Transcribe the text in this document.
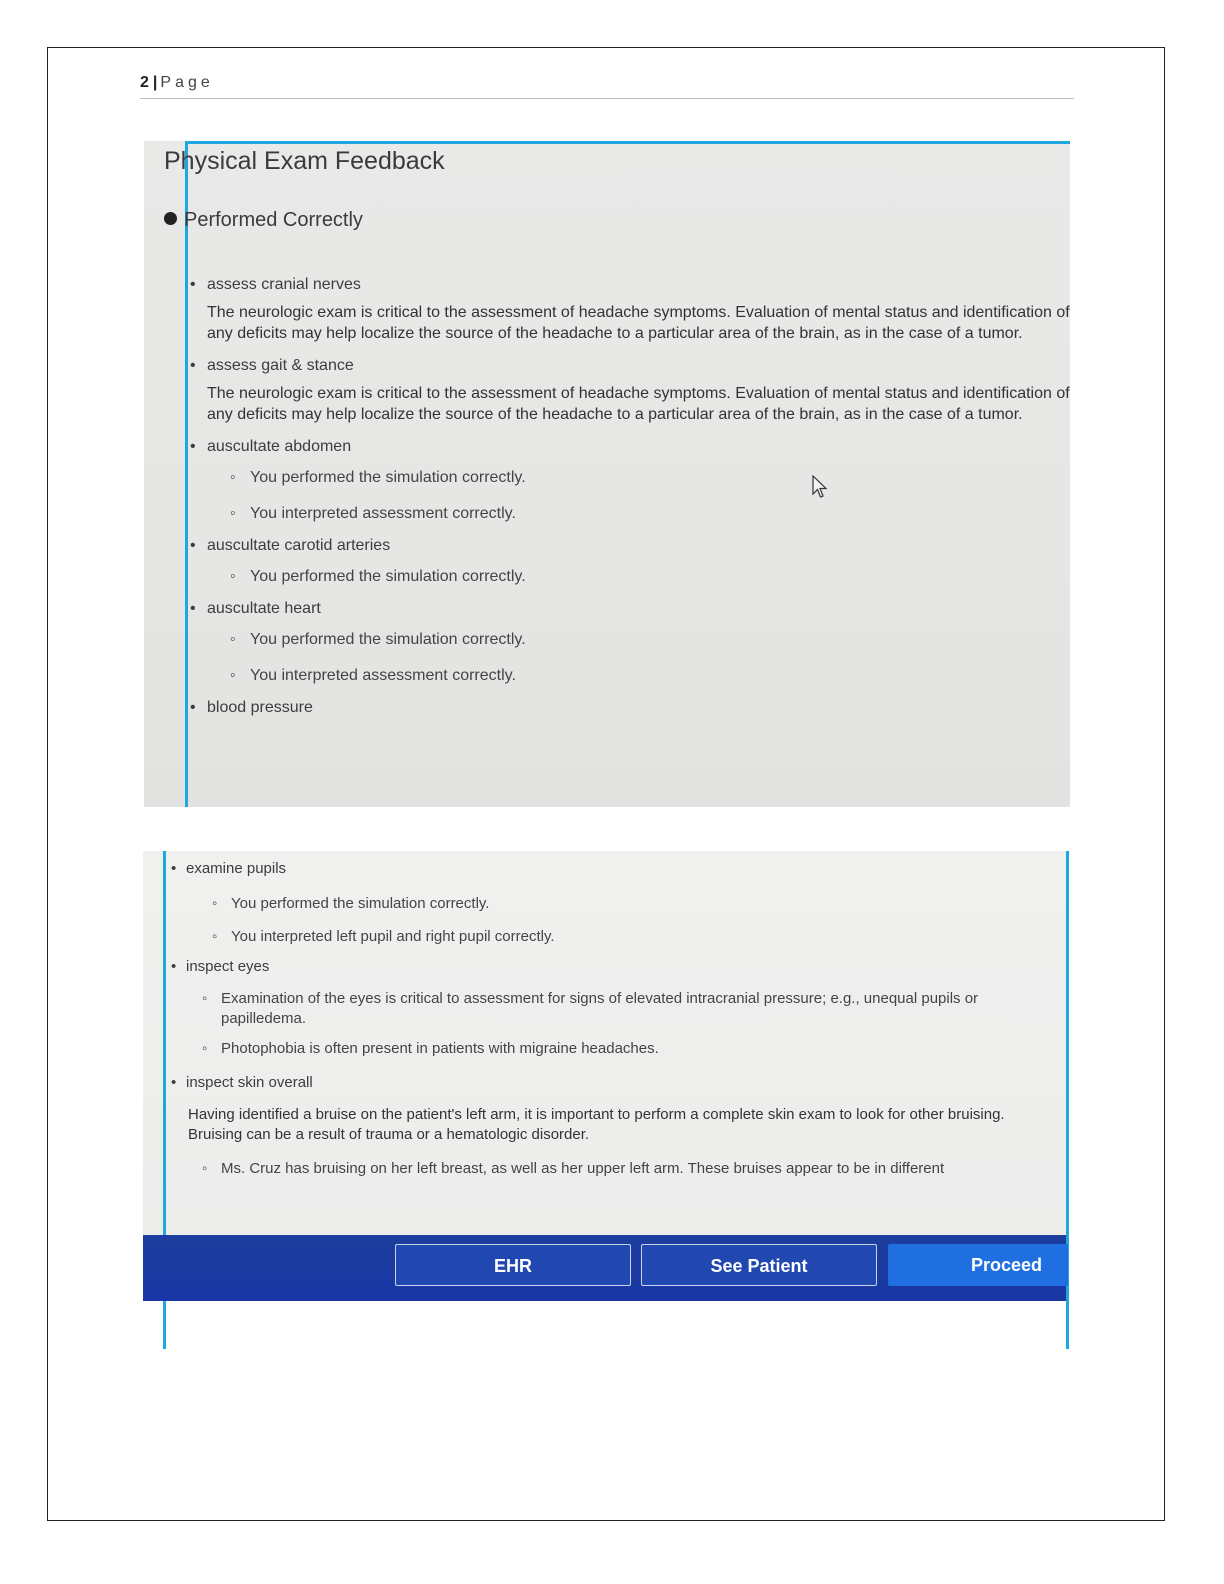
2 | Page
Physical Exam Feedback
Performed Correctly
• assess cranial nerves
The neurologic exam is critical to the assessment of headache symptoms. Evaluation of mental status and identification of any deficits may help localize the source of the headache to a particular area of the brain, as in the case of a tumor.
• assess gait & stance
The neurologic exam is critical to the assessment of headache symptoms. Evaluation of mental status and identification of any deficits may help localize the source of the headache to a particular area of the brain, as in the case of a tumor.
• auscultate abdomen
◦ You performed the simulation correctly.
◦ You interpreted assessment correctly.
• auscultate carotid arteries
◦ You performed the simulation correctly.
• auscultate heart
◦ You performed the simulation correctly.
◦ You interpreted assessment correctly.
• blood pressure
• examine pupils
◦ You performed the simulation correctly.
◦ You interpreted left pupil and right pupil correctly.
• inspect eyes
◦ Examination of the eyes is critical to assessment for signs of elevated intracranial pressure; e.g., unequal pupils or papilledema.
◦ Photophobia is often present in patients with migraine headaches.
• inspect skin overall
Having identified a bruise on the patient's left arm, it is important to perform a complete skin exam to look for other bruising. Bruising can be a result of trauma or a hematologic disorder.
◦ Ms. Cruz has bruising on her left breast, as well as her upper left arm. These bruises appear to be in different
EHR	See Patient	Proceed
